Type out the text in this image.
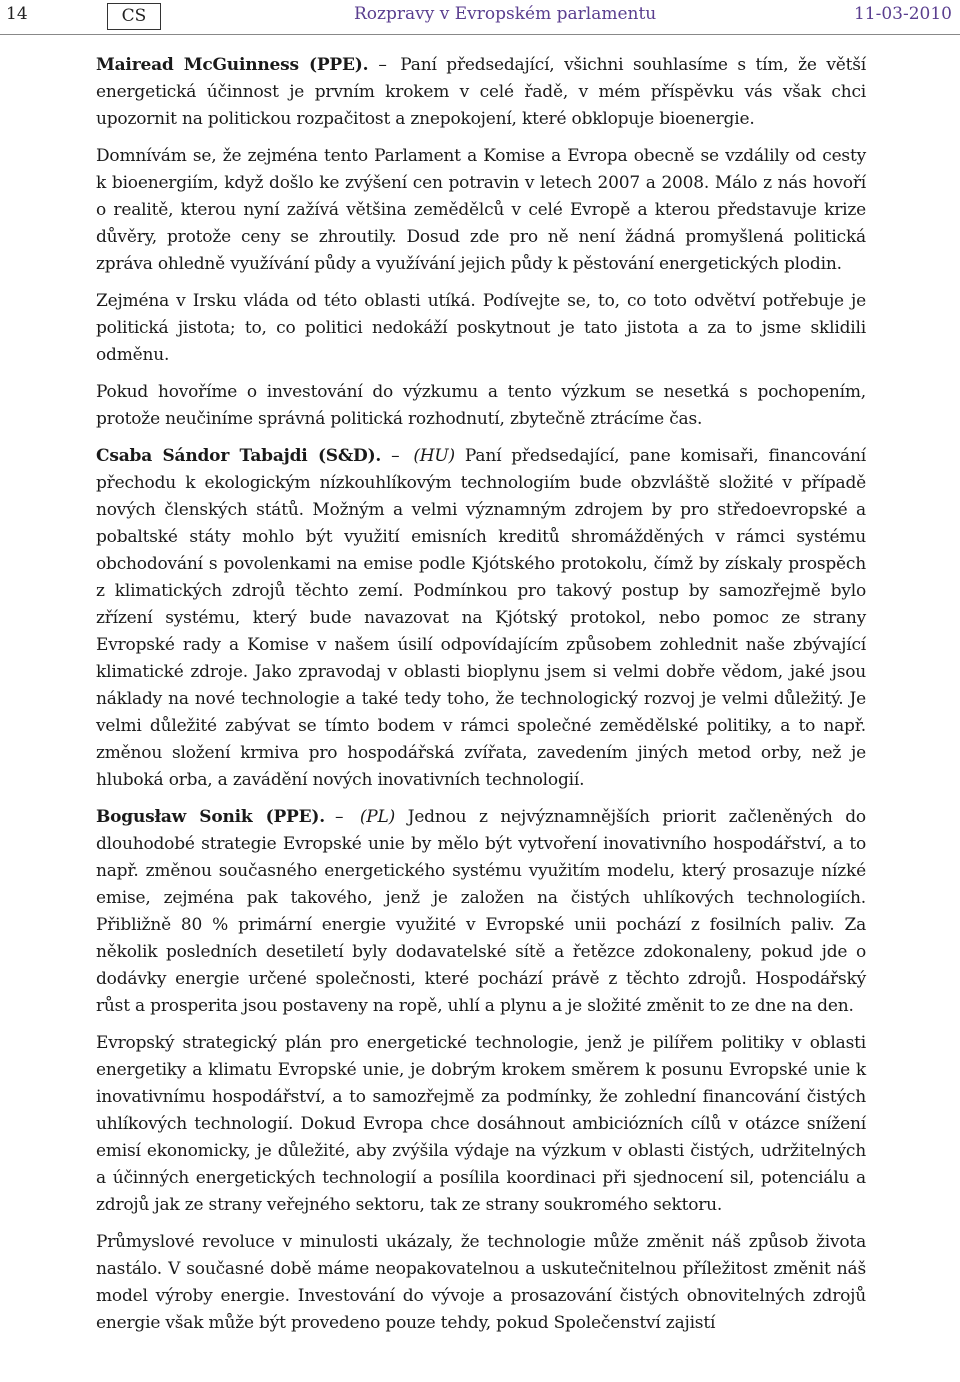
14	CS	Rozpravy v Evropském parlamentu	11-03-2010

Mairead McGuinness (PPE). – Paní předsedající, všichni souhlasíme s tím, že větší energetická účinnost je prvním krokem v celé řadě, v mém příspěvku vás však chci upozornit na politickou rozpačitost a znepokojení, které obklopuje bioenergie.

Domnívám se, že zejména tento Parlament a Komise a Evropa obecně se vzdálily od cesty k bioenergiím, když došlo ke zvýšení cen potravin v letech 2007 a 2008. Málo z nás hovoří o realitě, kterou nyní zažívá většina zemědělců v celé Evropě a kterou představuje krize důvěry, protože ceny se zhroutily. Dosud zde pro ně není žádná promyšlená politická zpráva ohledně využívání půdy a využívání jejich půdy k pěstování energetických plodin.

Zejména v Irsku vláda od této oblasti utíká. Podívejte se, to, co toto odvětví potřebuje je politická jistota; to, co politici nedokáží poskytnout je tato jistota a za to jsme sklidili odměnu.

Pokud hovoříme o investování do výzkumu a tento výzkum se nesetká s pochopením, protože neučiníme správná politická rozhodnutí, zbytečně ztrácíme čas.

Csaba Sándor Tabajdi (S&D). – (HU) Paní předsedající, pane komisaři, financování přechodu k ekologickým nízkouhlíkovým technologiím bude obzvláště složité v případě nových členských států. Možným a velmi významným zdrojem by pro středoevropské a pobaltské státy mohlo být využití emisních kreditů shromážděných v rámci systému obchodování s povolenkami na emise podle Kjótského protokolu, čímž by získaly prospěch z klimatických zdrojů těchto zemí. Podmínkou pro takový postup by samozřejmě bylo zřízení systému, který bude navazovat na Kjótský protokol, nebo pomoc ze strany Evropské rady a Komise v našem úsilí odpovídajícím způsobem zohlednit naše zbývající klimatické zdroje. Jako zpravodaj v oblasti bioplynu jsem si velmi dobře vědom, jaké jsou náklady na nové technologie a také tedy toho, že technologický rozvoj je velmi důležitý. Je velmi důležité zabývat se tímto bodem v rámci společné zemědělské politiky, a to např. změnou složení krmiva pro hospodářská zvířata, zavedením jiných metod orby, než je hluboká orba, a zavádění nových inovativních technologií.

Bogusław Sonik (PPE). – (PL) Jednou z nejvýznamnějších priorit začleněných do dlouhodobé strategie Evropské unie by mělo být vytvoření inovativního hospodářství, a to např. změnou současného energetického systému využitím modelu, který prosazuje nízké emise, zejména pak takového, jenž je založen na čistých uhlíkových technologiích. Přibližně 80 % primární energie využité v Evropské unii pochází z fosilních paliv. Za několik posledních desetiletí byly dodavatelské sítě a řetězce zdokonaleny, pokud jde o dodávky energie určené společnosti, které pochází právě z těchto zdrojů. Hospodářský růst a prosperita jsou postaveny na ropě, uhlí a plynu a je složité změnit to ze dne na den.

Evropský strategický plán pro energetické technologie, jenž je pilířem politiky v oblasti energetiky a klimatu Evropské unie, je dobrým krokem směrem k posunu Evropské unie k inovativnímu hospodářství, a to samozřejmě za podmínky, že zohlední financování čistých uhlíkových technologií. Dokud Evropa chce dosáhnout ambiciózních cílů v otázce snížení emisí ekonomicky, je důležité, aby zvýšila výdaje na výzkum v oblasti čistých, udržitelných a účinných energetických technologií a posílila koordinaci při sjednocení sil, potenciálu a zdrojů jak ze strany veřejného sektoru, tak ze strany soukromého sektoru.

Průmyslové revoluce v minulosti ukázaly, že technologie může změnit náš způsob života nastálo. V současné době máme neopakovatelnou a uskutečnitelnou příležitost změnit náš model výroby energie. Investování do vývoje a prosazování čistých obnovitelných zdrojů energie však může být provedeno pouze tehdy, pokud Společenství zajistí
